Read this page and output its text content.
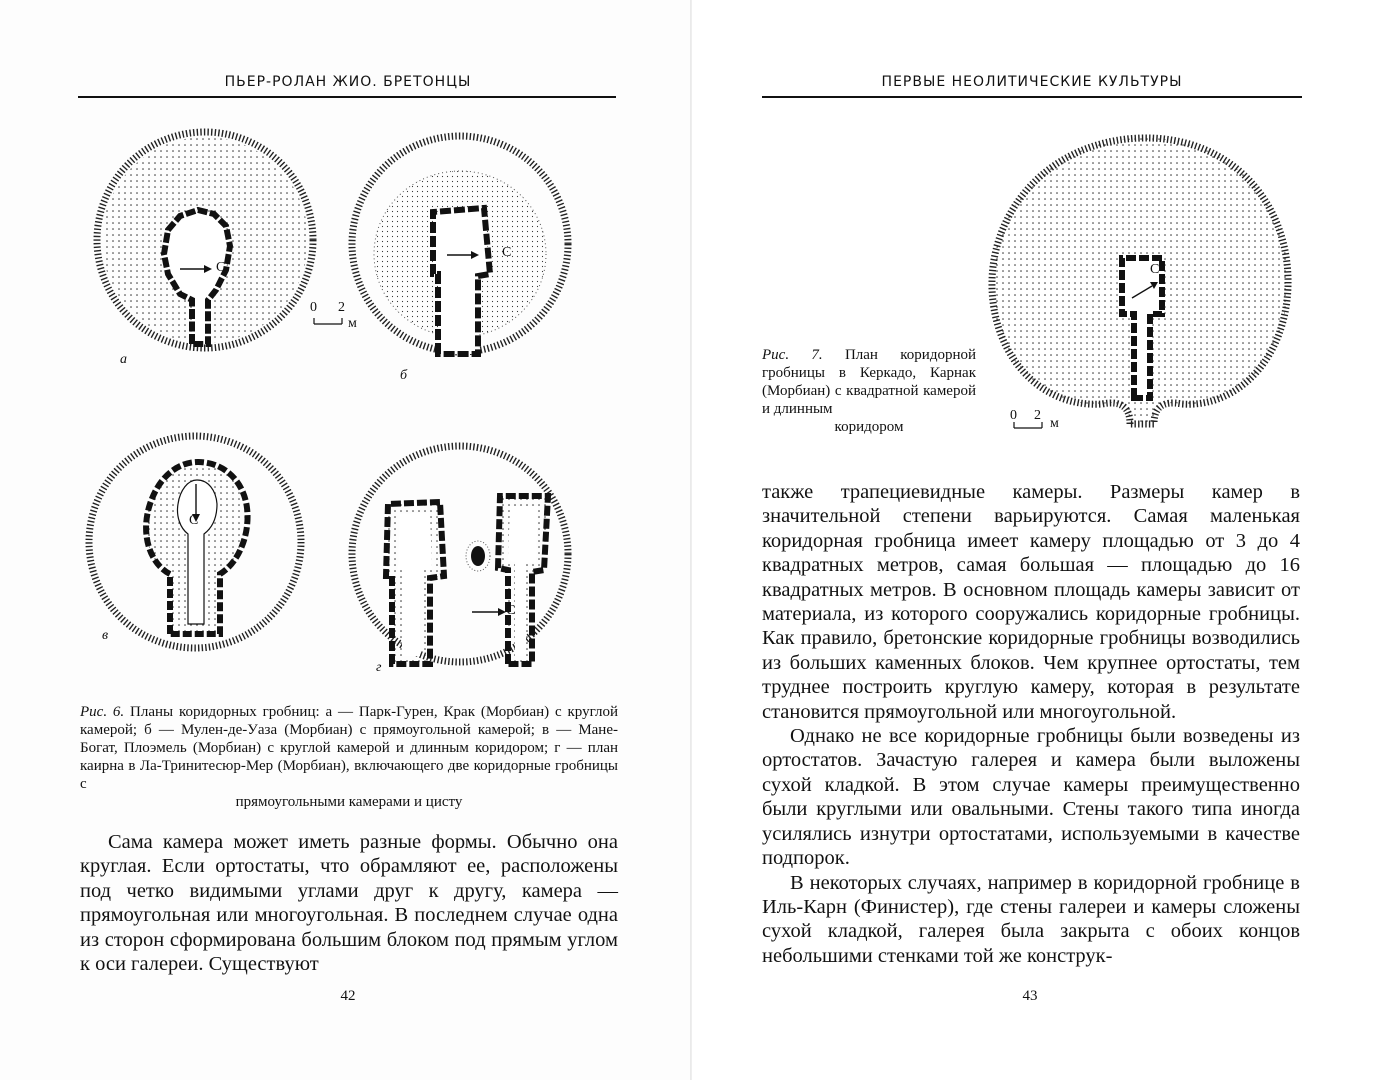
ПЬЕР-РОЛАН ЖИО. БРЕТОНЦЫ
а
б
в
г
С
С
С
С
0 2
м
Рис. 6. Планы коридорных гробниц: а — Парк-Гурен, Крак (Морбиан) с круглой камерой; б — Мулен-де-Уаза (Морбиан) с прямоугольной камерой; в — Мане-Богат, Плоэмель (Морбиан) с круглой камерой и длинным коридором; г — план каирна в Ла-Тринитесюр-Мер (Морбиан), включающего две коридорные гробницы с
прямоугольными камерами и цисту

Сама камера может иметь разные формы. Обычно она круглая. Если ортостаты, что обрамляют ее, расположены под четко видимыми углами друг к другу, камера — прямоугольная или многоугольная. В последнем случае одна из сторон сформирована большим блоком под прямым углом к оси галереи. Существуют

42
ПЕРВЫЕ НЕОЛИТИЧЕСКИЕ КУЛЬТУРЫ
С
0 2
м
Рис. 7. План коридорной гробницы в Керкадо, Карнак (Морбиан) с квадратной камерой и длинным
коридором

также трапециевидные камеры. Размеры камер в значительной степени варьируются. Самая маленькая коридорная гробница имеет камеру площадью от 3 до 4 квадратных метров, самая большая — площадью до 16 квадратных метров. В основном площадь камеры зависит от материала, из которого сооружались коридорные гробницы. Как правило, бретонские коридорные гробницы возводились из больших каменных блоков. Чем крупнее ортостаты, тем труднее построить круглую камеру, которая в результате становится прямоугольной или многоугольной.

Однако не все коридорные гробницы были возведены из ортостатов. Зачастую галерея и камера были выложены сухой кладкой. В этом случае камеры преимущественно были круглыми или овальными. Стены такого типа иногда усилялись изнутри ортостатами, используемыми в качестве подпорок.

В некоторых случаях, например в коридорной гробнице в Иль-Карн (Финистер), где стены галереи и камеры сложены сухой кладкой, галерея была закрыта с обоих концов небольшими стенками той же конструк-

43
